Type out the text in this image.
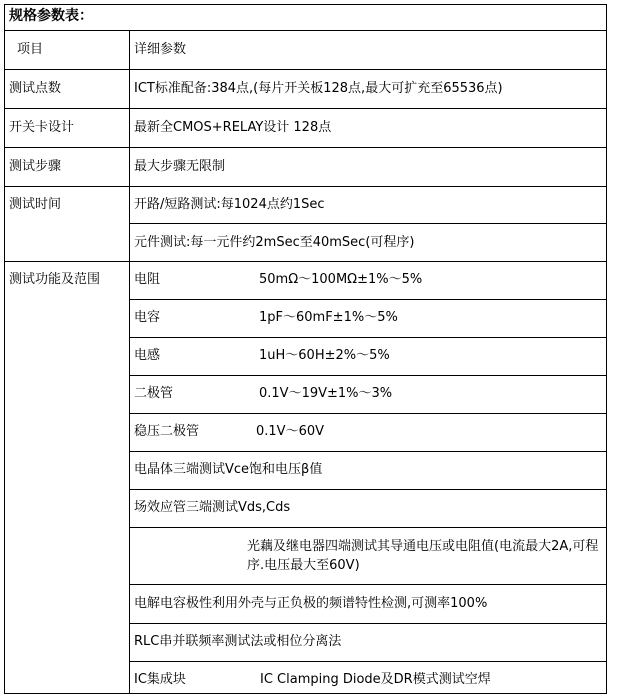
规格参数表：
项目	详细参数
测试点数	ICT标准配备:384点,(每片开关板128点,最大可扩充至65536点)
开关卡设计	最新全CMOS+RELAY设计 128点
测试步骤	最大步骤无限制
测试时间	开路/短路测试:每1024点约1Sec
元件测试:每一元件约2mSec至40mSec(可程序)
测试功能及范围	电阻	50mΩ～100MΩ±1%～5%
电容	1pF～60mF±1%～5%
电感	1uH～60H±2%～5%
二极管	0.1V～19V±1%～3%
稳压二极管	0.1V～60V
电晶体三端测试Vce饱和电压β值
场效应管三端测试Vds,Cds
光藕及继电器四端测试其导通电压或电阻值(电流最大2A,可程序.电压最大至60V)
电解电容极性利用外壳与正负极的频谱特性检测,可测率100%
RLC串并联频率测试法或相位分离法
IC集成块	IC Clamping Diode及DR模式测试空焊
